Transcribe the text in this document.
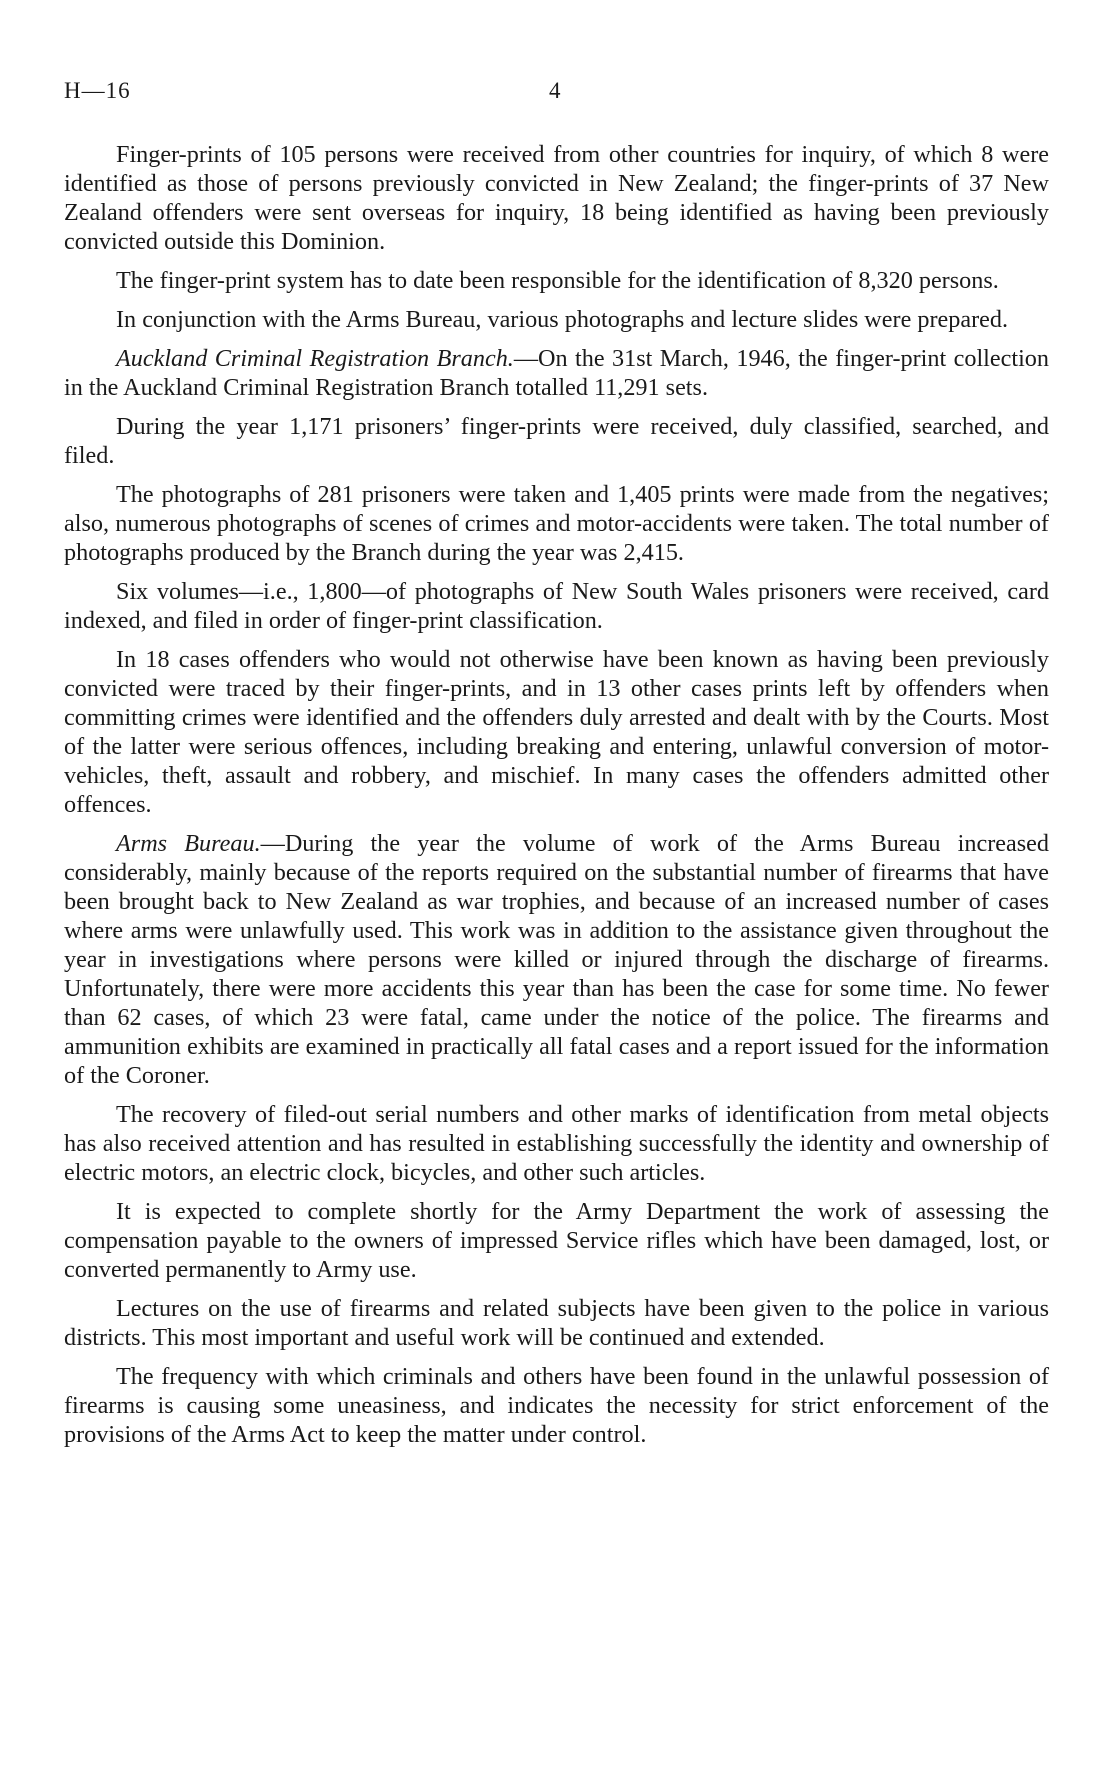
H—16	4

Finger-prints of 105 persons were received from other countries for inquiry, of which 8 were identified as those of persons previously convicted in New Zealand; the finger-prints of 37 New Zealand offenders were sent overseas for inquiry, 18 being identified as having been previously convicted outside this Dominion.

The finger-print system has to date been responsible for the identification of 8,320 persons.

In conjunction with the Arms Bureau, various photographs and lecture slides were prepared.

Auckland Criminal Registration Branch.—On the 31st March, 1946, the finger-print collection in the Auckland Criminal Registration Branch totalled 11,291 sets.

During the year 1,171 prisoners’ finger-prints were received, duly classified, searched, and filed.

The photographs of 281 prisoners were taken and 1,405 prints were made from the negatives; also, numerous photographs of scenes of crimes and motor-accidents were taken. The total number of photographs produced by the Branch during the year was 2,415.

Six volumes—i.e., 1,800—of photographs of New South Wales prisoners were received, card indexed, and filed in order of finger-print classification.

In 18 cases offenders who would not otherwise have been known as having been previously convicted were traced by their finger-prints, and in 13 other cases prints left by offenders when committing crimes were identified and the offenders duly arrested and dealt with by the Courts. Most of the latter were serious offences, including breaking and entering, unlawful conversion of motor-vehicles, theft, assault and robbery, and mischief. In many cases the offenders admitted other offences.

Arms Bureau.—During the year the volume of work of the Arms Bureau increased considerably, mainly because of the reports required on the substantial number of firearms that have been brought back to New Zealand as war trophies, and because of an increased number of cases where arms were unlawfully used. This work was in addition to the assistance given throughout the year in investigations where persons were killed or injured through the discharge of firearms. Unfortunately, there were more accidents this year than has been the case for some time. No fewer than 62 cases, of which 23 were fatal, came under the notice of the police. The firearms and ammunition exhibits are examined in practically all fatal cases and a report issued for the information of the Coroner.

The recovery of filed-out serial numbers and other marks of identification from metal objects has also received attention and has resulted in establishing successfully the identity and ownership of electric motors, an electric clock, bicycles, and other such articles.

It is expected to complete shortly for the Army Department the work of assessing the compensation payable to the owners of impressed Service rifles which have been damaged, lost, or converted permanently to Army use.

Lectures on the use of firearms and related subjects have been given to the police in various districts. This most important and useful work will be continued and extended.

The frequency with which criminals and others have been found in the unlawful possession of firearms is causing some uneasiness, and indicates the necessity for strict enforcement of the provisions of the Arms Act to keep the matter under control.
